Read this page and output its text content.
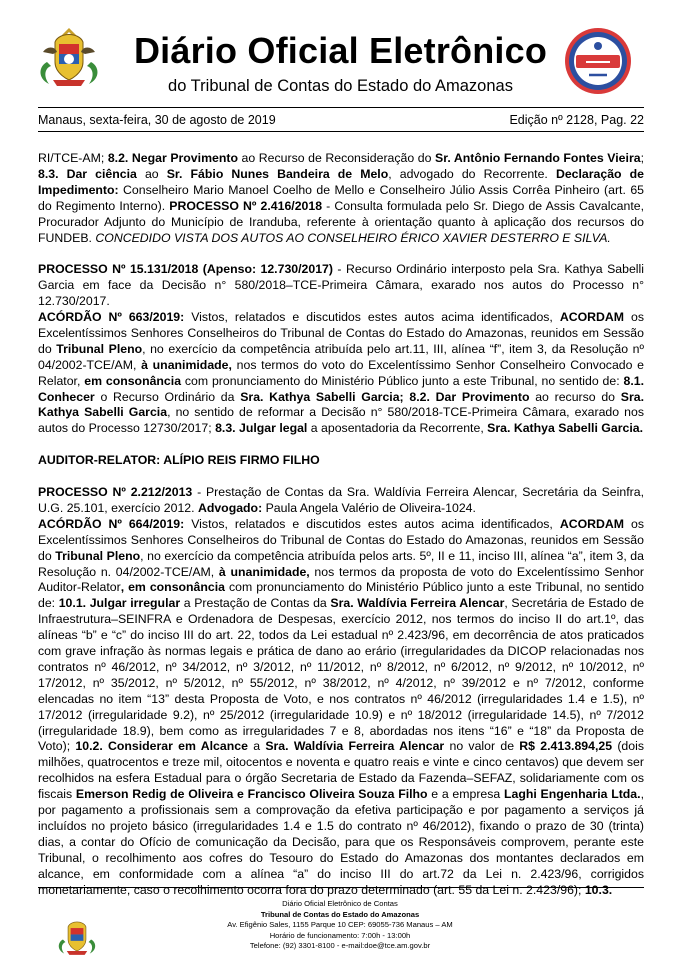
Diário Oficial Eletrônico
do Tribunal de Contas do Estado do Amazonas
Manaus, sexta-feira, 30 de agosto de 2019	Edição nº 2128, Pag. 22

RI/TCE-AM; 8.2. Negar Provimento ao Recurso de Reconsideração do Sr. Antônio Fernando Fontes Vieira; 8.3. Dar ciência ao Sr. Fábio Nunes Bandeira de Melo, advogado do Recorrente. Declaração de Impedimento: Conselheiro Mario Manoel Coelho de Mello e Conselheiro Júlio Assis Corrêa Pinheiro (art. 65 do Regimento Interno). PROCESSO Nº 2.416/2018 - Consulta formulada pelo Sr. Diego de Assis Cavalcante, Procurador Adjunto do Município de Iranduba, referente à orientação quanto à aplicação dos recursos do FUNDEB. CONCEDIDO VISTA DOS AUTOS AO CONSELHEIRO ÉRICO XAVIER DESTERRO E SILVA.

PROCESSO Nº 15.131/2018 (Apenso: 12.730/2017) - Recurso Ordinário interposto pela Sra. Kathya Sabelli Garcia em face da Decisão n° 580/2018–TCE-Primeira Câmara, exarado nos autos do Processo n° 12.730/2017.

ACÓRDÃO Nº 663/2019: Vistos, relatados e discutidos estes autos acima identificados, ACORDAM os Excelentíssimos Senhores Conselheiros do Tribunal de Contas do Estado do Amazonas, reunidos em Sessão do Tribunal Pleno, no exercício da competência atribuída pelo art.11, III, alínea “f”, item 3, da Resolução nº 04/2002-TCE/AM, à unanimidade, nos termos do voto do Excelentíssimo Senhor Conselheiro Convocado e Relator, em consonância com pronunciamento do Ministério Público junto a este Tribunal, no sentido de: 8.1. Conhecer o Recurso Ordinário da Sra. Kathya Sabelli Garcia; 8.2. Dar Provimento ao recurso do Sra. Kathya Sabelli Garcia, no sentido de reformar a Decisão n° 580/2018-TCE-Primeira Câmara, exarado nos autos do Processo 12730/2017; 8.3. Julgar legal a aposentadoria da Recorrente, Sra. Kathya Sabelli Garcia.

AUDITOR-RELATOR: ALÍPIO REIS FIRMO FILHO

PROCESSO Nº 2.212/2013 - Prestação de Contas da Sra. Waldívia Ferreira Alencar, Secretária da Seinfra, U.G. 25.101, exercício 2012. Advogado: Paula Angela Valério de Oliveira-1024.

ACÓRDÃO Nº 664/2019: Vistos, relatados e discutidos estes autos acima identificados, ACORDAM os Excelentíssimos Senhores Conselheiros do Tribunal de Contas do Estado do Amazonas, reunidos em Sessão do Tribunal Pleno, no exercício da competência atribuída pelos arts. 5º, II e 11, inciso III, alínea “a”, item 3, da Resolução n. 04/2002-TCE/AM, à unanimidade, nos termos da proposta de voto do Excelentíssimo Senhor Auditor-Relator, em consonância com pronunciamento do Ministério Público junto a este Tribunal, no sentido de: 10.1. Julgar irregular a Prestação de Contas da Sra. Waldívia Ferreira Alencar, Secretária de Estado de Infraestrutura–SEINFRA e Ordenadora de Despesas, exercício 2012, nos termos do inciso II do art.1º, das alíneas “b” e “c” do inciso III do art. 22, todos da Lei estadual nº 2.423/96, em decorrência de atos praticados com grave infração às normas legais e prática de dano ao erário (irregularidades da DICOP relacionadas nos contratos nº 46/2012, nº 34/2012, nº 3/2012, nº 11/2012, nº 8/2012, nº 6/2012, nº 9/2012, nº 10/2012, nº 17/2012, nº 35/2012, nº 5/2012, nº 55/2012, nº 38/2012, nº 4/2012, nº 39/2012 e nº 7/2012, conforme elencadas no item “13” desta Proposta de Voto, e nos contratos nº 46/2012 (irregularidades 1.4 e 1.5), nº 17/2012 (irregularidade 9.2), nº 25/2012 (irregularidade 10.9) e nº 18/2012 (irregularidade 14.5), nº 7/2012 (irregularidade 18.9), bem como as irregularidades 7 e 8, abordadas nos itens “16” e “18” da Proposta de Voto); 10.2. Considerar em Alcance a Sra. Waldívia Ferreira Alencar no valor de R$ 2.413.894,25 (dois milhões, quatrocentos e treze mil, oitocentos e noventa e quatro reais e vinte e cinco centavos) que devem ser recolhidos na esfera Estadual para o órgão Secretaria de Estado da Fazenda–SEFAZ, solidariamente com os fiscais Emerson Redig de Oliveira e Francisco Oliveira Souza Filho e a empresa Laghi Engenharia Ltda., por pagamento a profissionais sem a comprovação da efetiva participação e por pagamento a serviços já incluídos no projeto básico (irregularidades 1.4 e 1.5 do contrato nº 46/2012), fixando o prazo de 30 (trinta) dias, a contar do Ofício de comunicação da Decisão, para que os Responsáveis comprovem, perante este Tribunal, o recolhimento aos cofres do Tesouro do Estado do Amazonas dos montantes declarados em alcance, em conformidade com a alínea “a” do inciso III do art.72 da Lei n. 2.423/96, corrigidos monetariamente, caso o recolhimento ocorra fora do prazo determinado (art. 55 da Lei n. 2.423/96); 10.3.

Diário Oficial Eletrônico de Contas
Tribunal de Contas do Estado do Amazonas
Av. Efigênio Sales, 1155 Parque 10 CEP: 69055-736 Manaus – AM
Horário de funcionamento: 7:00h - 13:00h
Telefone: (92) 3301-8100 - e-mail:doe@tce.am.gov.br
